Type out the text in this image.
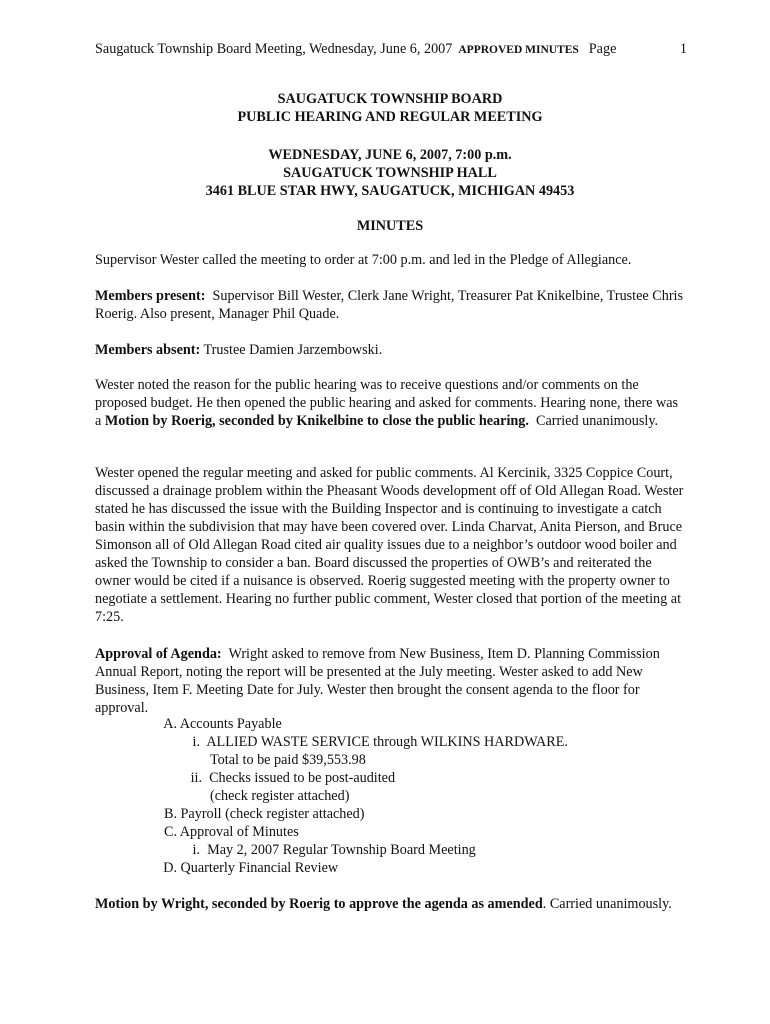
Saugatuck Township Board Meeting, Wednesday, June 6, 2007 APPROVED MINUTES Page	1
SAUGATUCK TOWNSHIP BOARD
PUBLIC HEARING AND REGULAR MEETING
WEDNESDAY, JUNE 6, 2007, 7:00 p.m.
SAUGATUCK TOWNSHIP HALL
3461 BLUE STAR HWY, SAUGATUCK, MICHIGAN 49453
MINUTES
Supervisor Wester called the meeting to order at 7:00 p.m. and led in the Pledge of Allegiance.
Members present: Supervisor Bill Wester, Clerk Jane Wright, Treasurer Pat Knikelbine, Trustee Chris Roerig. Also present, Manager Phil Quade.
Members absent: Trustee Damien Jarzembowski.
Wester noted the reason for the public hearing was to receive questions and/or comments on the proposed budget. He then opened the public hearing and asked for comments. Hearing none, there was a Motion by Roerig, seconded by Knikelbine to close the public hearing. Carried unanimously.
Wester opened the regular meeting and asked for public comments. Al Kercinik, 3325 Coppice Court, discussed a drainage problem within the Pheasant Woods development off of Old Allegan Road. Wester stated he has discussed the issue with the Building Inspector and is continuing to investigate a catch basin within the subdivision that may have been covered over. Linda Charvat, Anita Pierson, and Bruce Simonson all of Old Allegan Road cited air quality issues due to a neighbor’s outdoor wood boiler and asked the Township to consider a ban. Board discussed the properties of OWB’s and reiterated the owner would be cited if a nuisance is observed. Roerig suggested meeting with the property owner to negotiate a settlement. Hearing no further public comment, Wester closed that portion of the meeting at 7:25.
Approval of Agenda: Wright asked to remove from New Business, Item D. Planning Commission Annual Report, noting the report will be presented at the July meeting. Wester asked to add New Business, Item F. Meeting Date for July. Wester then brought the consent agenda to the floor for approval.
A. Accounts Payable
i. ALLIED WASTE SERVICE through WILKINS HARDWARE.
Total to be paid $39,553.98
ii. Checks issued to be post-audited
(check register attached)
B. Payroll (check register attached)
C. Approval of Minutes
i. May 2, 2007 Regular Township Board Meeting
D. Quarterly Financial Review
Motion by Wright, seconded by Roerig to approve the agenda as amended. Carried unanimously.
